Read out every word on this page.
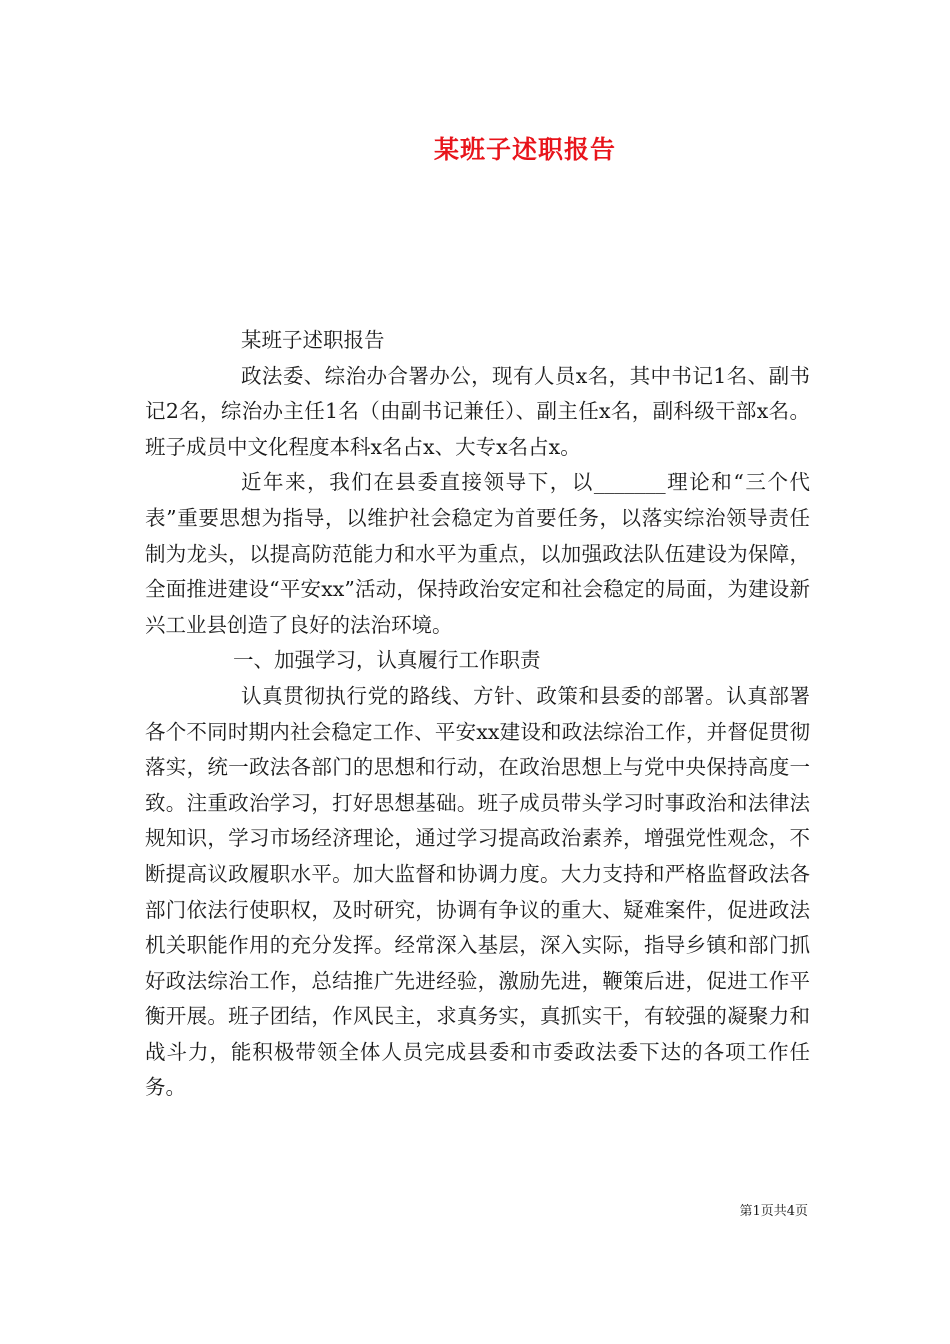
某班子述职报告

某班子述职报告

政法委、综治办合署办公，现有人员x名，其中书记1名、副书记2名，综治办主任1名（由副书记兼任）、副主任x名，副科级干部x名。班子成员中文化程度本科x名占x、大专x名占x。

近年来，我们在县委直接领导下，以_______理论和“三个代表”重要思想为指导，以维护社会稳定为首要任务，以落实综治领导责任制为龙头，以提高防范能力和水平为重点，以加强政法队伍建设为保障，全面推进建设“平安xx”活动，保持政治安定和社会稳定的局面，为建设新兴工业县创造了良好的法治环境。

一、加强学习，认真履行工作职责

认真贯彻执行党的路线、方针、政策和县委的部署。认真部署各个不同时期内社会稳定工作、平安xx建设和政法综治工作，并督促贯彻落实，统一政法各部门的思想和行动，在政治思想上与党中央保持高度一致。注重政治学习，打好思想基础。班子成员带头学习时事政治和法律法规知识，学习市场经济理论，通过学习提高政治素养，增强党性观念，不断提高议政履职水平。加大监督和协调力度。大力支持和严格监督政法各部门依法行使职权，及时研究，协调有争议的重大、疑难案件，促进政法机关职能作用的充分发挥。经常深入基层，深入实际，指导乡镇和部门抓好政法综治工作，总结推广先进经验，激励先进，鞭策后进，促进工作平衡开展。班子团结，作风民主，求真务实，真抓实干，有较强的凝聚力和战斗力，能积极带领全体人员完成县委和市委政法委下达的各项工作任务。

第1页共4页
